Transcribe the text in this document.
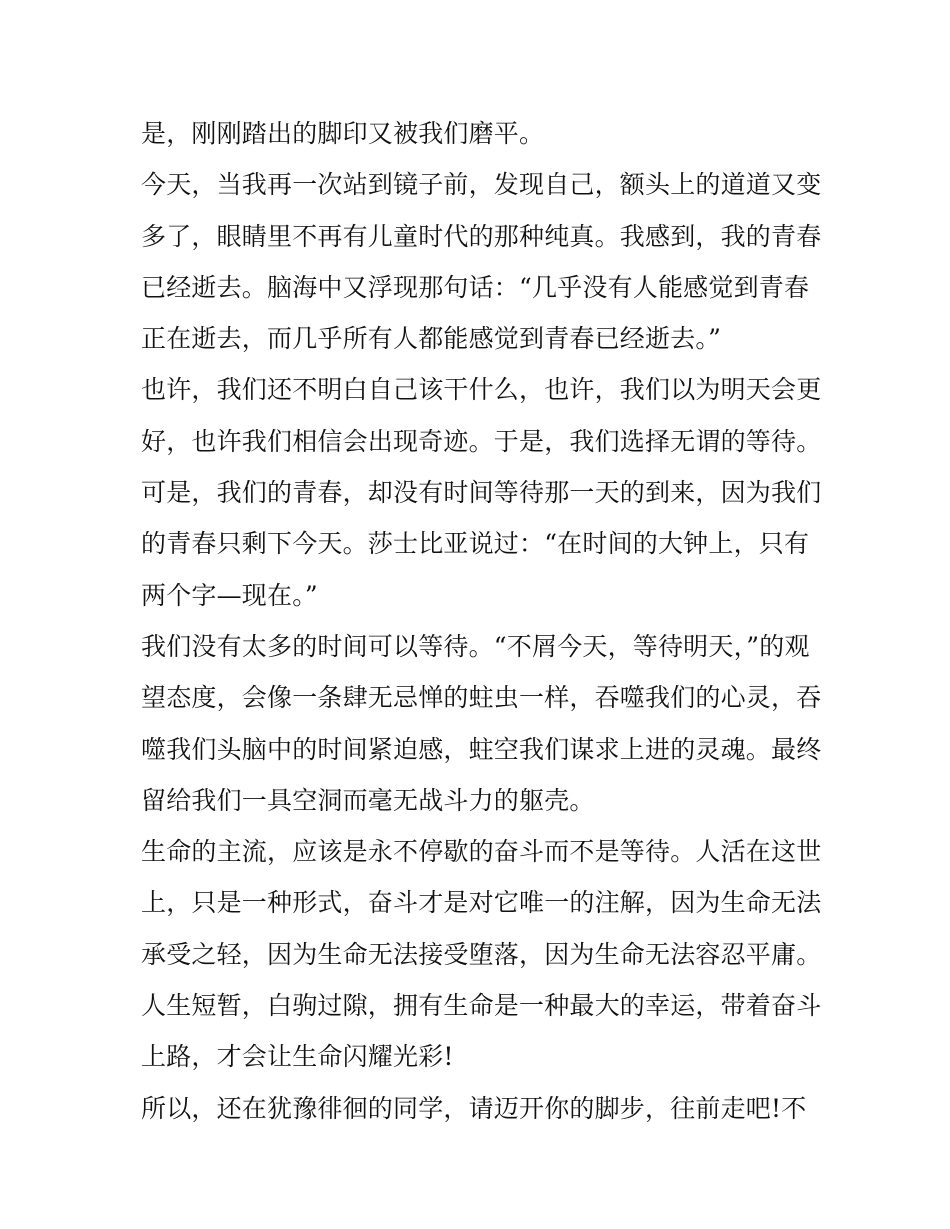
是，刚刚踏出的脚印又被我们磨平。
今天，当我再一次站到镜子前，发现自己，额头上的道道又变
多了，眼睛里不再有儿童时代的那种纯真。我感到，我的青春
已经逝去。脑海中又浮现那句话：“几乎没有人能感觉到青春
正在逝去，而几乎所有人都能感觉到青春已经逝去。”
也许，我们还不明白自己该干什么，也许，我们以为明天会更
好，也许我们相信会出现奇迹。于是，我们选择无谓的等待。
可是，我们的青春，却没有时间等待那一天的到来，因为我们
的青春只剩下今天。莎士比亚说过：“在时间的大钟上，只有
两个字—现在。”
我们没有太多的时间可以等待。“不屑今天，等待明天，”的观
望态度，会像一条肆无忌惮的蛀虫一样，吞噬我们的心灵，吞
噬我们头脑中的时间紧迫感，蛀空我们谋求上进的灵魂。最终
留给我们一具空洞而毫无战斗力的躯壳。
生命的主流，应该是永不停歇的奋斗而不是等待。人活在这世
上，只是一种形式，奋斗才是对它唯一的注解，因为生命无法
承受之轻，因为生命无法接受堕落，因为生命无法容忍平庸。
人生短暂，白驹过隙，拥有生命是一种最大的幸运，带着奋斗
上路，才会让生命闪耀光彩!
所以，还在犹豫徘徊的同学，请迈开你的脚步，往前走吧!不
